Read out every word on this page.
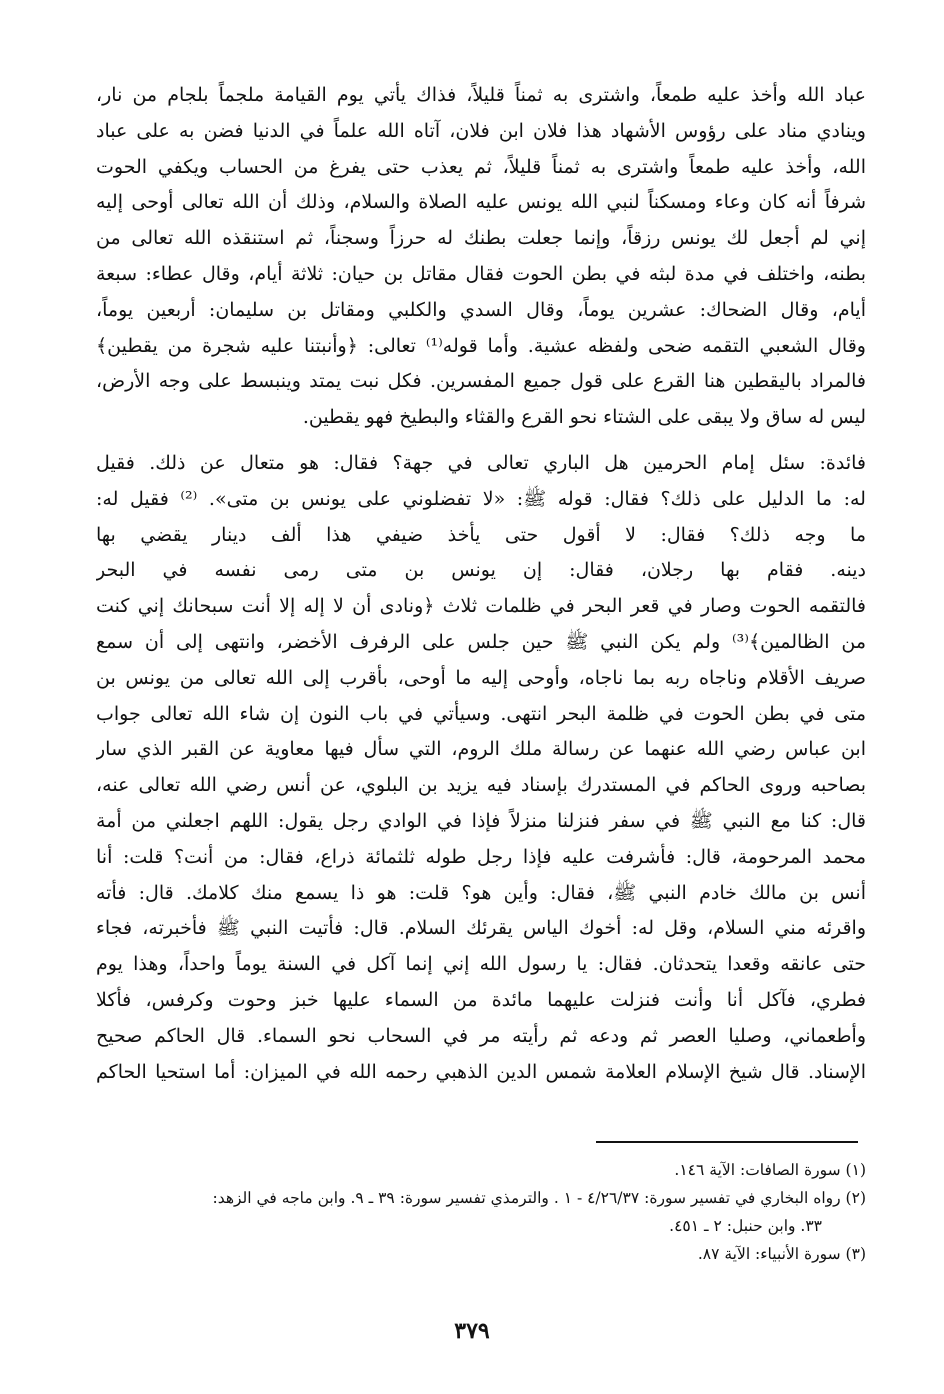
عباد الله وأخذ عليه طمعاً، واشترى به ثمناً قليلاً، فذاك يأتي يوم القيامة ملجماً بلجام من نار،
وينادي مناد على رؤوس الأشهاد هذا فلان ابن فلان، آتاه الله علماً في الدنيا فضن به على عباد
الله، وأخذ عليه طمعاً واشترى به ثمناً قليلاً، ثم يعذب حتى يفرغ من الحساب ويكفي الحوت
شرفاً أنه كان وعاء ومسكناً لنبي الله يونس عليه الصلاة والسلام، وذلك أن الله تعالى أوحى إليه
إني لم أجعل لك يونس رزقاً، وإنما جعلت بطنك له حرزاً وسجناً، ثم استنقذه الله تعالى من
بطنه، واختلف في مدة لبثه في بطن الحوت فقال مقاتل بن حيان: ثلاثة أيام، وقال عطاء: سبعة
أيام، وقال الضحاك: عشرين يوماً، وقال السدي والكلبي ومقاتل بن سليمان: أربعين يوماً،
وقال الشعبي التقمه ضحى ولفظه عشية. وأما قوله⁽¹⁾ تعالى: ﴿وأنبتنا عليه شجرة من يقطين﴾
فالمراد باليقطين هنا القرع على قول جميع المفسرين. فكل نبت يمتد وينبسط على وجه الأرض،
ليس له ساق ولا يبقى على الشتاء نحو القرع والقثاء والبطيخ فهو يقطين.
فائدة: سئل إمام الحرمين هل الباري تعالى في جهة؟ فقال: هو متعال عن ذلك. فقيل
له: ما الدليل على ذلك؟ فقال: قوله ﷺ: «لا تفضلوني على يونس بن متى». ⁽²⁾ فقيل له:
ما وجه ذلك؟ فقال: لا أقول حتى يأخذ ضيفي هذا ألف دينار يقضي بها
دينه. فقام بها رجلان، فقال: إن يونس بن متى رمى نفسه في البحر
فالتقمه الحوت وصار في قعر البحر في ظلمات ثلاث ﴿ونادى أن لا إله إلا أنت سبحانك إني كنت
من الظالمين﴾⁽³⁾ ولم يكن النبي ﷺ حين جلس على الرفرف الأخضر، وانتهى إلى أن سمع
صريف الأقلام وناجاه ربه بما ناجاه، وأوحى إليه ما أوحى، بأقرب إلى الله تعالى من يونس بن
متى في بطن الحوت في ظلمة البحر انتهى. وسيأتي في باب النون إن شاء الله تعالى جواب
ابن عباس رضي الله عنهما عن رسالة ملك الروم، التي سأل فيها معاوية عن القبر الذي سار
بصاحبه وروى الحاكم في المستدرك بإسناد فيه يزيد بن البلوي، عن أنس رضي الله تعالى عنه،
قال: كنا مع النبي ﷺ في سفر فنزلنا منزلاً فإذا في الوادي رجل يقول: اللهم اجعلني من أمة
محمد المرحومة، قال: فأشرفت عليه فإذا رجل طوله ثلثمائة ذراع، فقال: من أنت؟ قلت: أنا
أنس بن مالك خادم النبي ﷺ، فقال: وأين هو؟ قلت: هو ذا يسمع منك كلامك. قال: فأته
واقرئه مني السلام، وقل له: أخوك الياس يقرئك السلام. قال: فأتيت النبي ﷺ فأخبرته، فجاء
حتى عانقه وقعدا يتحدثان. فقال: يا رسول الله إني إنما آكل في السنة يوماً واحداً، وهذا يوم
فطري، فآكل أنا وأنت فنزلت عليهما مائدة من السماء عليها خبز وحوت وكرفس، فأكلا
وأطعماني، وصليا العصر ثم ودعه ثم رأيته مر في السحاب نحو السماء. قال الحاكم صحيح
الإسناد. قال شيخ الإسلام العلامة شمس الدين الذهبي رحمه الله في الميزان: أما استحيا الحاكم
(١) سورة الصافات: الآية ١٤٦.
(٢) رواه البخاري في تفسير سورة: ٤/٢٦/٣٧ - ١ . والترمذي تفسير سورة: ٣٩ ـ ٩. وابن ماجه في الزهد:
٣٣. وابن حنبل: ٢ ـ ٤٥١.
(٣) سورة الأنبياء: الآية ٨٧.
٣٧٩
